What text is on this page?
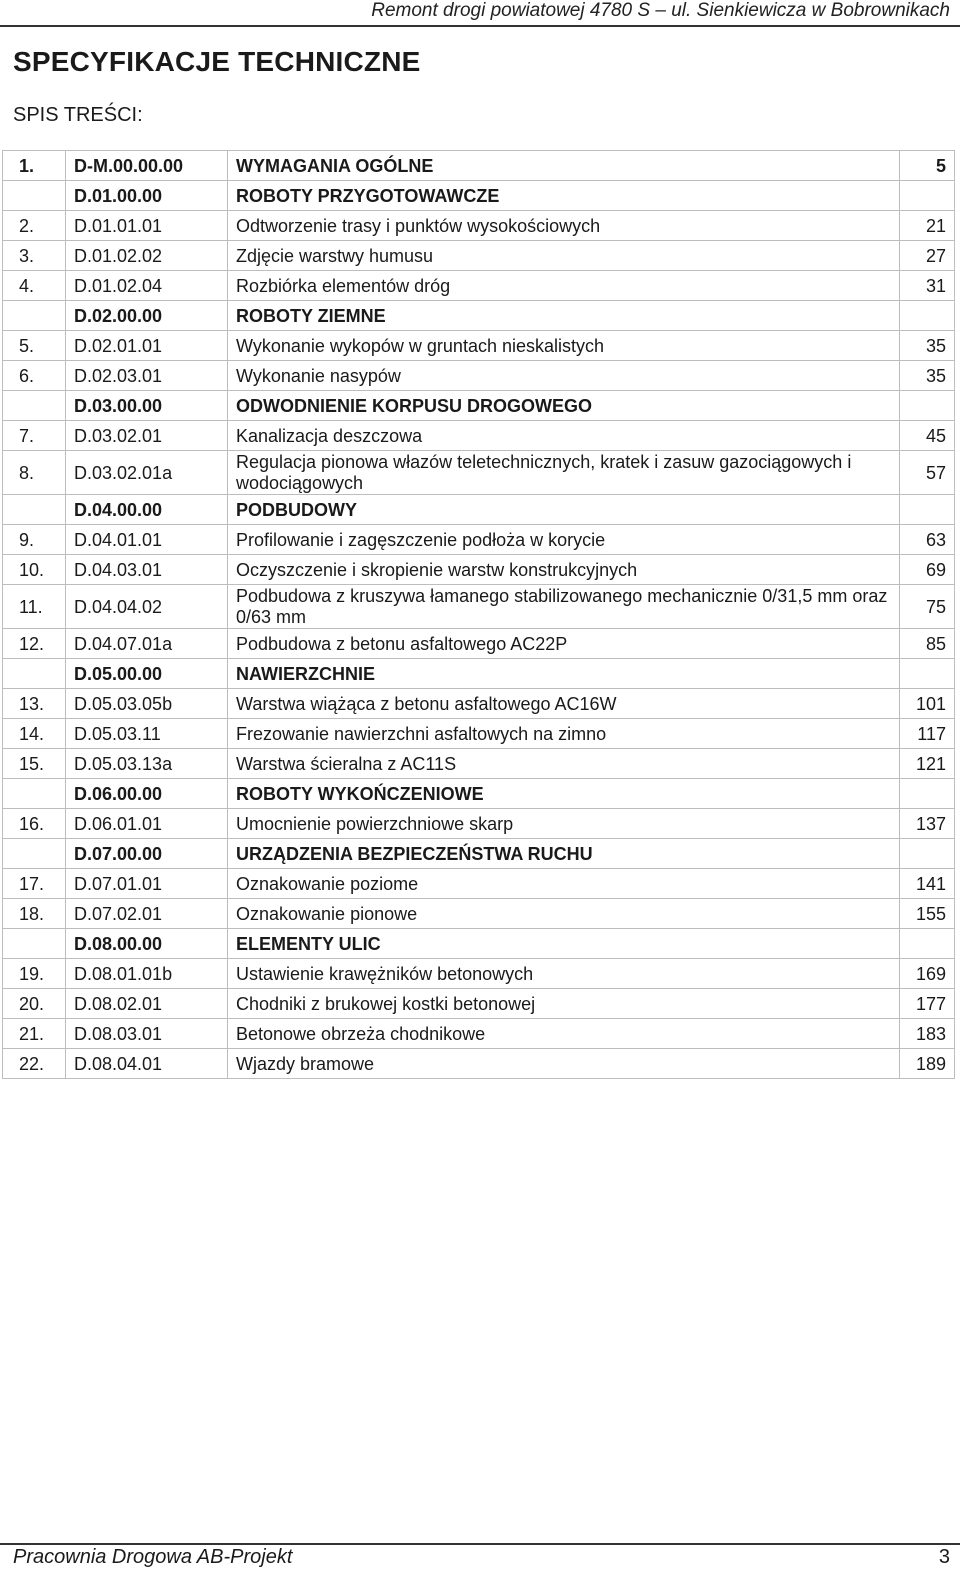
Remont drogi powiatowej 4780 S – ul. Sienkiewicza w Bobrownikach
SPECYFIKACJE TECHNICZNE
SPIS TREŚCI:
1.	D-M.00.00.00	WYMAGANIA OGÓLNE	5
	D.01.00.00	ROBOTY PRZYGOTOWAWCZE	
2.	D.01.01.01	Odtworzenie trasy i punktów wysokościowych	21
3.	D.01.02.02	Zdjęcie warstwy humusu	27
4.	D.01.02.04	Rozbiórka elementów dróg	31
	D.02.00.00	ROBOTY ZIEMNE	
5.	D.02.01.01	Wykonanie wykopów w gruntach nieskalistych	35
6.	D.02.03.01	Wykonanie nasypów	35
	D.03.00.00	ODWODNIENIE KORPUSU DROGOWEGO	
7.	D.03.02.01	Kanalizacja deszczowa	45
8.	D.03.02.01a	Regulacja pionowa włazów teletechnicznych, kratek i zasuw gazociągowych i wodociągowych	57
	D.04.00.00	PODBUDOWY	
9.	D.04.01.01	Profilowanie i zagęszczenie podłoża w korycie	63
10.	D.04.03.01	Oczyszczenie i skropienie warstw konstrukcyjnych	69
11.	D.04.04.02	Podbudowa z kruszywa łamanego stabilizowanego mechanicznie 0/31,5 mm oraz 0/63 mm	75
12.	D.04.07.01a	Podbudowa z betonu asfaltowego AC22P	85
	D.05.00.00	NAWIERZCHNIE	
13.	D.05.03.05b	Warstwa wiążąca z betonu asfaltowego AC16W	101
14.	D.05.03.11	Frezowanie nawierzchni asfaltowych na zimno	117
15.	D.05.03.13a	Warstwa ścieralna z AC11S	121
	D.06.00.00	ROBOTY WYKOŃCZENIOWE	
16.	D.06.01.01	Umocnienie powierzchniowe skarp	137
	D.07.00.00	URZĄDZENIA BEZPIECZEŃSTWA RUCHU	
17.	D.07.01.01	Oznakowanie poziome	141
18.	D.07.02.01	Oznakowanie pionowe	155
	D.08.00.00	ELEMENTY ULIC	
19.	D.08.01.01b	Ustawienie krawężników betonowych	169
20.	D.08.02.01	Chodniki z brukowej kostki betonowej	177
21.	D.08.03.01	Betonowe obrzeża chodnikowe	183
22.	D.08.04.01	Wjazdy bramowe	189
Pracownia Drogowa AB-Projekt	3
